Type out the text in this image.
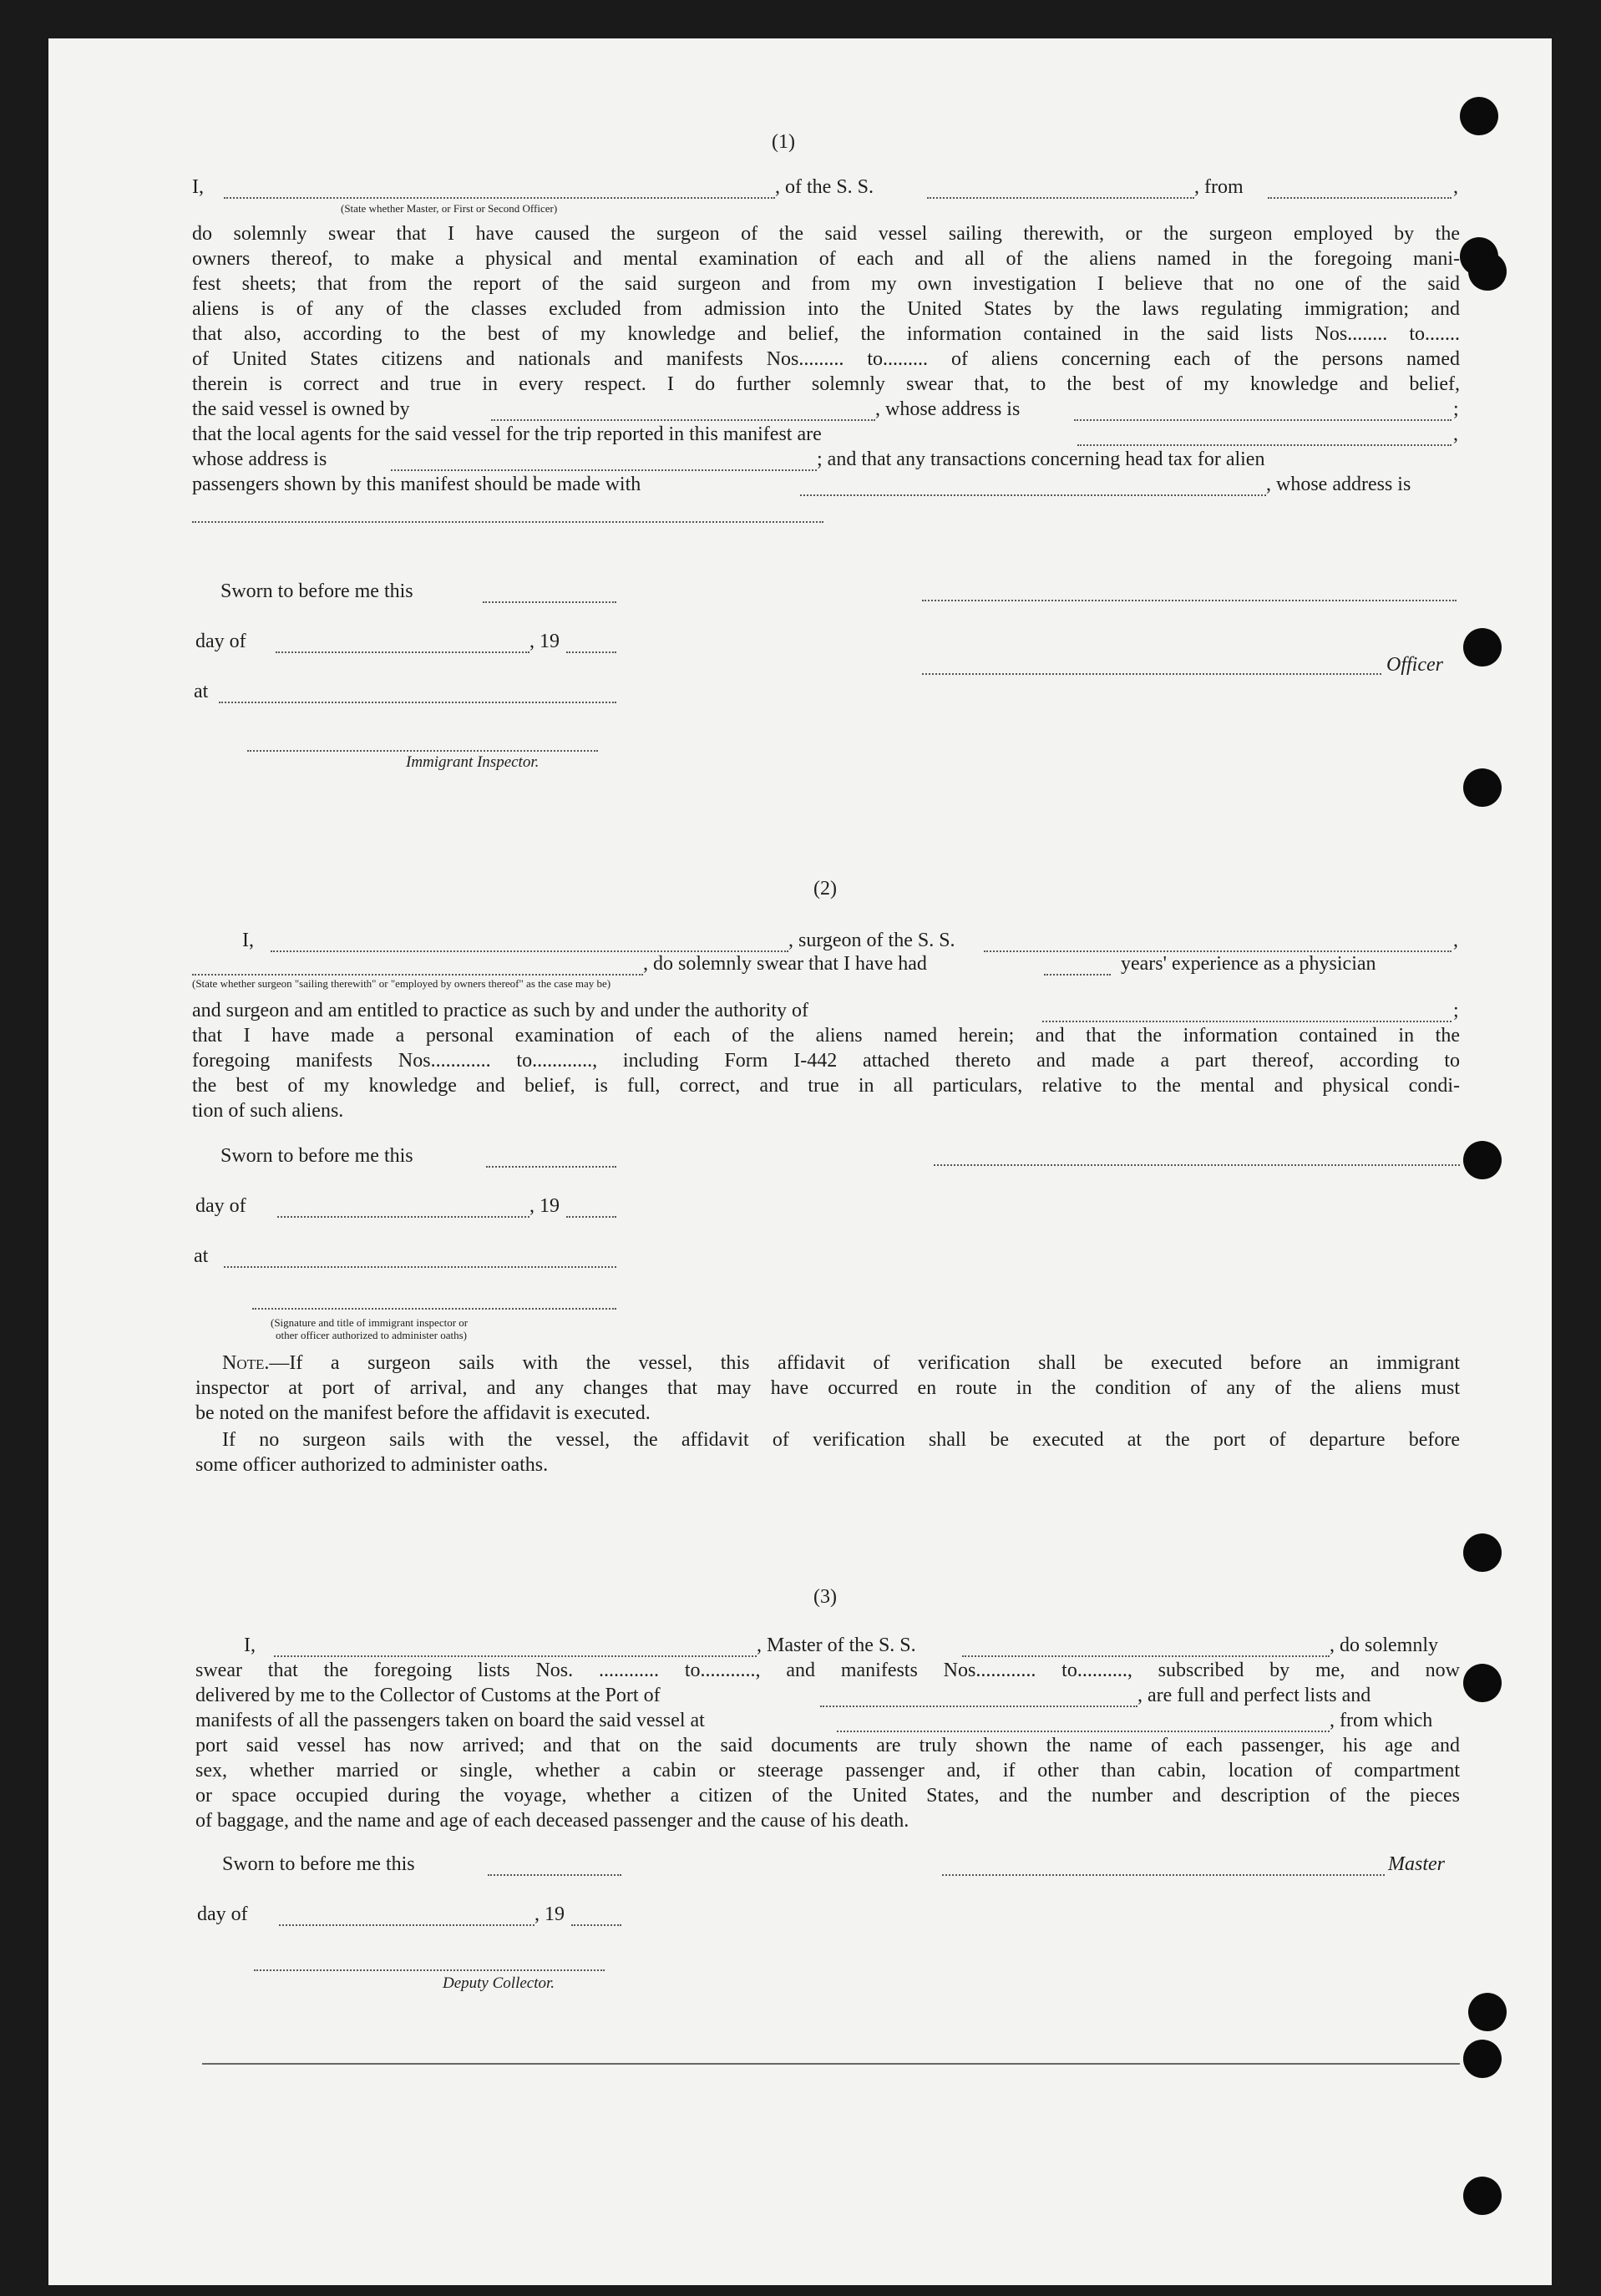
(1)
I,	, of the S. S.	, from	,
(State whether Master, or First or Second Officer)
do solemnly swear that I have caused the surgeon of the said vessel sailing therewith, or the surgeon employed by the
owners thereof, to make a physical and mental examination of each and all of the aliens named in the foregoing mani-
fest sheets; that from the report of the said surgeon and from my own investigation I believe that no one of the said
aliens is of any of the classes excluded from admission into the United States by the laws regulating immigration; and
that also, according to the best of my knowledge and belief, the information contained in the said lists Nos........ to.......
of United States citizens and nationals and manifests Nos......... to......... of aliens concerning each of the persons named
therein is correct and true in every respect. I do further solemnly swear that, to the best of my knowledge and belief,
the said vessel is owned by	, whose address is	;
that the local agents for the said vessel for the trip reported in this manifest are	,
whose address is	; and that any transactions concerning head tax for alien
passengers shown by this manifest should be made with	, whose address is
Sworn to before me this
day of	, 19
Officer
at
Immigrant Inspector.
(2)
I,	, surgeon of the S. S.	,
, do solemnly swear that I have had	years' experience as a physician
(State whether surgeon "sailing therewith" or "employed by owners thereof" as the case may be)
and surgeon and am entitled to practice as such by and under the authority of	;
that I have made a personal examination of each of the aliens named herein; and that the information contained in the
foregoing manifests Nos............ to............, including Form I-442 attached thereto and made a part thereof, according to
the best of my knowledge and belief, is full, correct, and true in all particulars, relative to the mental and physical condi-
tion of such aliens.
Sworn to before me this
day of	, 19
at
(Signature and title of immigrant inspector or
other officer authorized to administer oaths)
Note.—If a surgeon sails with the vessel, this affidavit of verification shall be executed before an immigrant
inspector at port of arrival, and any changes that may have occurred en route in the condition of any of the aliens must
be noted on the manifest before the affidavit is executed.
If no surgeon sails with the vessel, the affidavit of verification shall be executed at the port of departure before
some officer authorized to administer oaths.
(3)
I,	, Master of the S. S.	, do solemnly
swear that the foregoing lists Nos. ............ to..........., and manifests Nos............ to.........., subscribed by me, and now
delivered by me to the Collector of Customs at the Port of	, are full and perfect lists and
manifests of all the passengers taken on board the said vessel at	, from which
port said vessel has now arrived; and that on the said documents are truly shown the name of each passenger, his age and
sex, whether married or single, whether a cabin or steerage passenger and, if other than cabin, location of compartment
or space occupied during the voyage, whether a citizen of the United States, and the number and description of the pieces
of baggage, and the name and age of each deceased passenger and the cause of his death.
Sworn to before me this	Master
day of	, 19
Deputy Collector.
